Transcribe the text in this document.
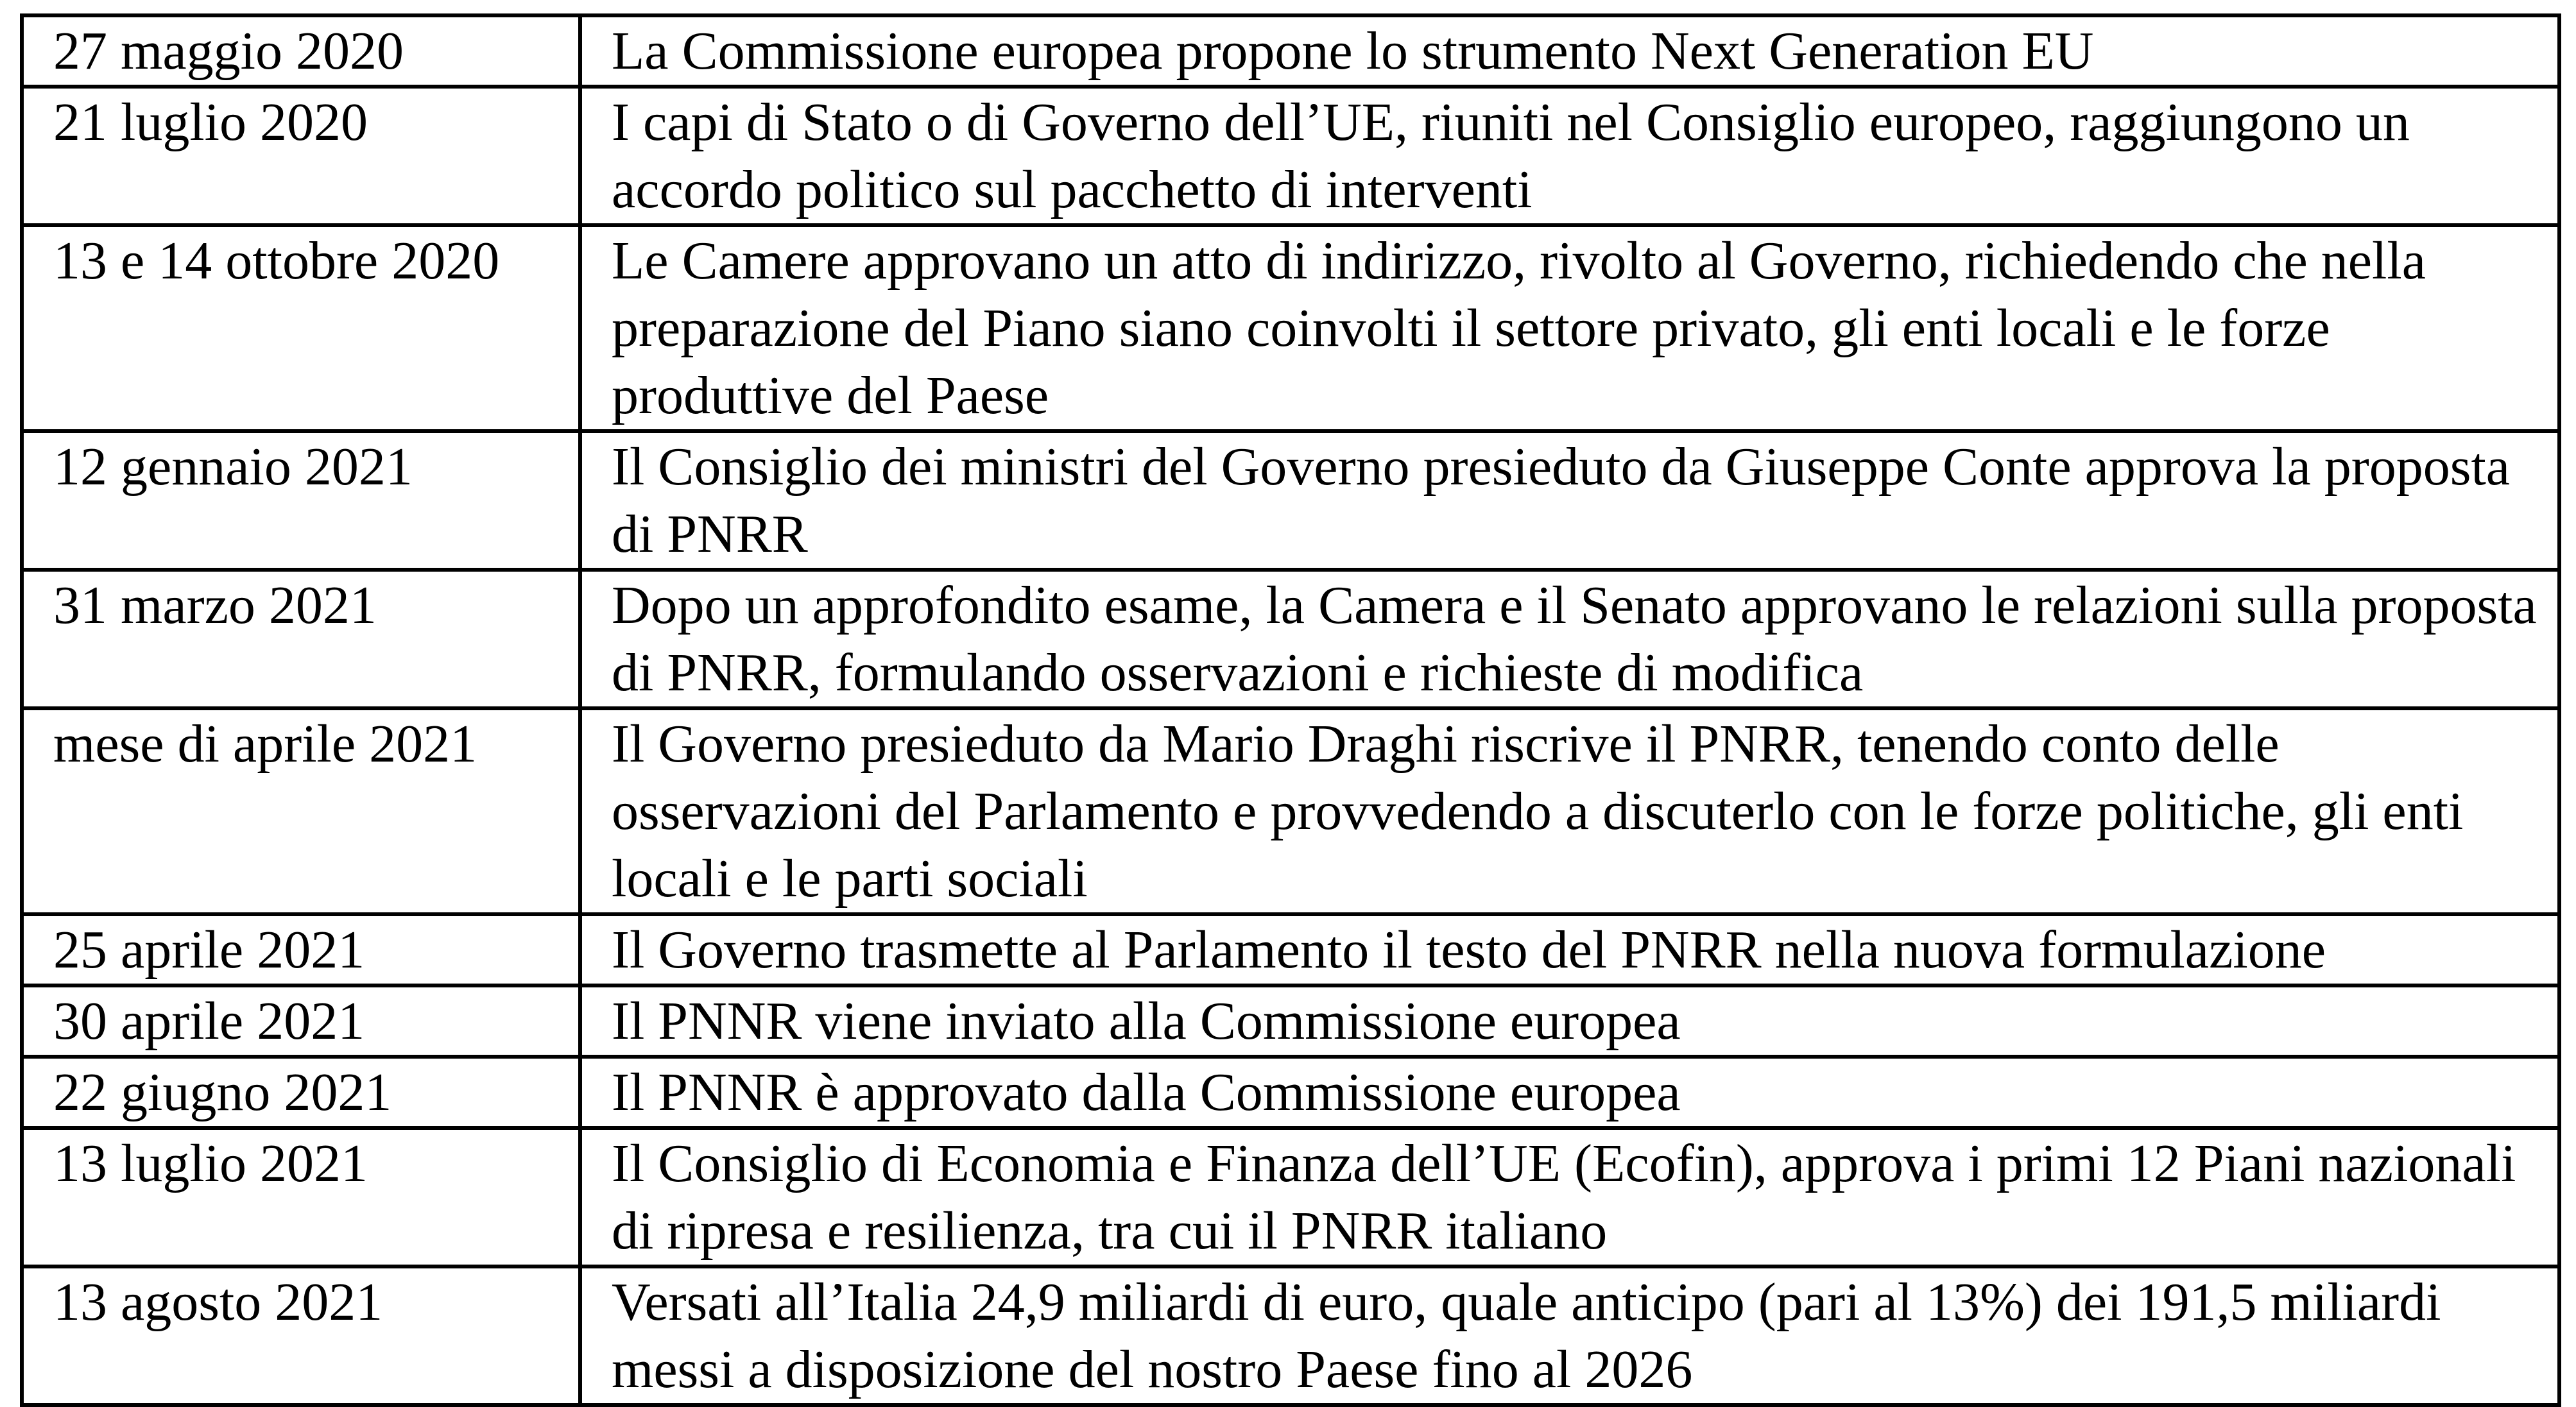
27 maggio 2020	La Commissione europea propone lo strumento Next Generation EU
21 luglio 2020	I capi di Stato o di Governo dell’UE, riuniti nel Consiglio europeo, raggiungono un accordo politico sul pacchetto di interventi
13 e 14 ottobre 2020	Le Camere approvano un atto di indirizzo, rivolto al Governo, richiedendo che nella preparazione del Piano siano coinvolti il settore privato, gli enti locali e le forze produttive del Paese
12 gennaio 2021	Il Consiglio dei ministri del Governo presieduto da Giuseppe Conte approva la proposta di PNRR
31 marzo 2021	Dopo un approfondito esame, la Camera e il Senato approvano le relazioni sulla proposta di PNRR, formulando osservazioni e richieste di modifica
mese di aprile 2021	Il Governo presieduto da Mario Draghi riscrive il PNRR, tenendo conto delle osservazioni del Parlamento e provvedendo a discuterlo con le forze politiche, gli enti locali e le parti sociali
25 aprile 2021	Il Governo trasmette al Parlamento il testo del PNRR nella nuova formulazione
30 aprile 2021	Il PNNR viene inviato alla Commissione europea
22 giugno 2021	Il PNNR è approvato dalla Commissione europea
13 luglio 2021	Il Consiglio di Economia e Finanza dell’UE (Ecofin), approva i primi 12 Piani nazionali di ripresa e resilienza, tra cui il PNRR italiano
13 agosto 2021	Versati all’Italia 24,9 miliardi di euro, quale anticipo (pari al 13%) dei 191,5 miliardi messi a disposizione del nostro Paese fino al 2026
